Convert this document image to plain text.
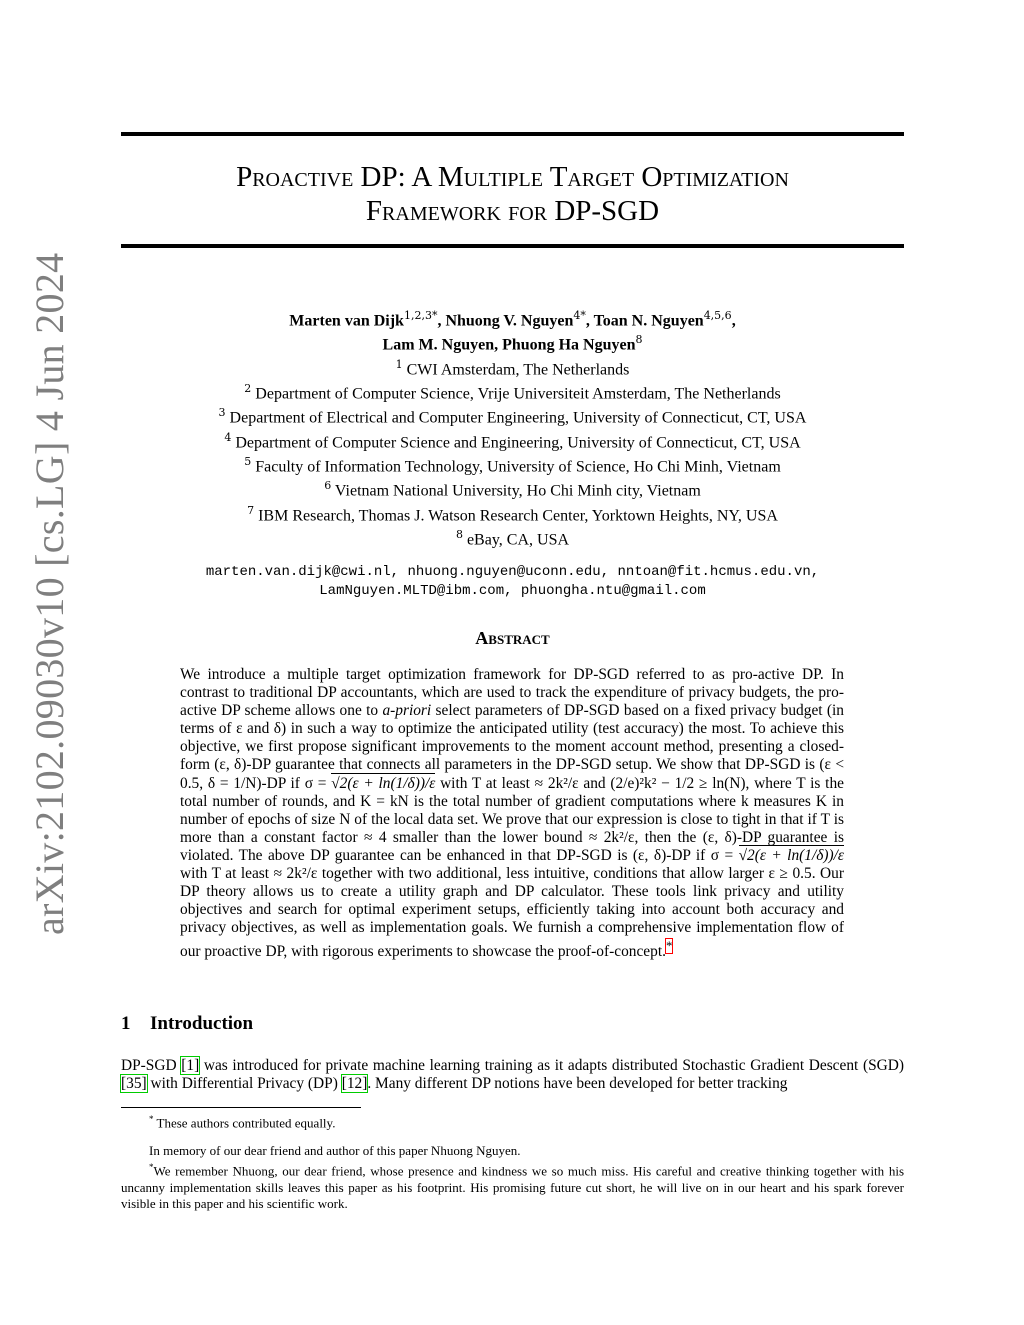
arXiv:2102.09030v10 [cs.LG] 4 Jun 2024
Proactive DP: A Multiple Target Optimization
Framework for DP-SGD
Marten van Dijk$^{1,2,3*}$, Nhuong V. Nguyen$^{4*}$, Toan N. Nguyen$^{4,5,6}$,
Lam M. Nguyen, Phuong Ha Nguyen$^8$
$^1$ CWI Amsterdam, The Netherlands
$^2$ Department of Computer Science, Vrije Universiteit Amsterdam, The Netherlands
$^3$ Department of Electrical and Computer Engineering, University of Connecticut, CT, USA
$^4$ Department of Computer Science and Engineering, University of Connecticut, CT, USA
$^5$ Faculty of Information Technology, University of Science, Ho Chi Minh, Vietnam
$^6$ Vietnam National University, Ho Chi Minh city, Vietnam
$^7$ IBM Research, Thomas J. Watson Research Center, Yorktown Heights, NY, USA
$^8$ eBay, CA, USA
marten.van.dijk@cwi.nl, nhuong.nguyen@uconn.edu, nntoan@fit.hcmus.edu.vn,
LamNguyen.MLTD@ibm.com, phuongha.ntu@gmail.com
Abstract

We introduce a multiple target optimization framework for DP-SGD referred to as pro-active DP. In contrast to traditional DP accountants, which are used to track the expenditure of privacy budgets, the pro-active DP scheme allows one to a-priori select parameters of DP-SGD based on a fixed privacy budget (in terms of ε and δ) in such a way to optimize the anticipated utility (test accuracy) the most. To achieve this objective, we first propose significant improvements to the moment account method, presenting a closed-form (ε, δ)-DP guarantee that connects all parameters in the DP-SGD setup. We show that DP-SGD is (ε < 0.5, δ = 1/N)-DP if σ = √2(ε + ln(1/δ))/ε with T at least ≈ 2k²/ε and (2/e)²k² − 1/2 ≥ ln(N), where T is the total number of rounds, and K = kN is the total number of gradient computations where k measures K in number of epochs of size N of the local data set. We prove that our expression is close to tight in that if T is more than a constant factor ≈ 4 smaller than the lower bound ≈ 2k²/ε, then the (ε, δ)-DP guarantee is violated. The above DP guarantee can be enhanced in that DP-SGD is (ε, δ)-DP if σ = √2(ε + ln(1/δ))/ε with T at least ≈ 2k²/ε together with two additional, less intuitive, conditions that allow larger ε ≥ 0.5. Our DP theory allows us to create a utility graph and DP calculator. These tools link privacy and utility objectives and search for optimal experiment setups, efficiently taking into account both accuracy and privacy objectives, as well as implementation goals. We furnish a comprehensive implementation flow of our proactive DP, with rigorous experiments to showcase the proof-of-concept.*

1 Introduction

DP-SGD [1] was introduced for private machine learning training as it adapts distributed Stochastic Gradient Descent (SGD) [35] with Differential Privacy (DP) [12]. Many different DP notions have been developed for better tracking

* These authors contributed equally.
In memory of our dear friend and author of this paper Nhuong Nguyen.

*We remember Nhuong, our dear friend, whose presence and kindness we so much miss. His careful and creative thinking together with his uncanny implementation skills leaves this paper as his footprint. His promising future cut short, he will live on in our heart and his spark forever visible in this paper and his scientific work.
